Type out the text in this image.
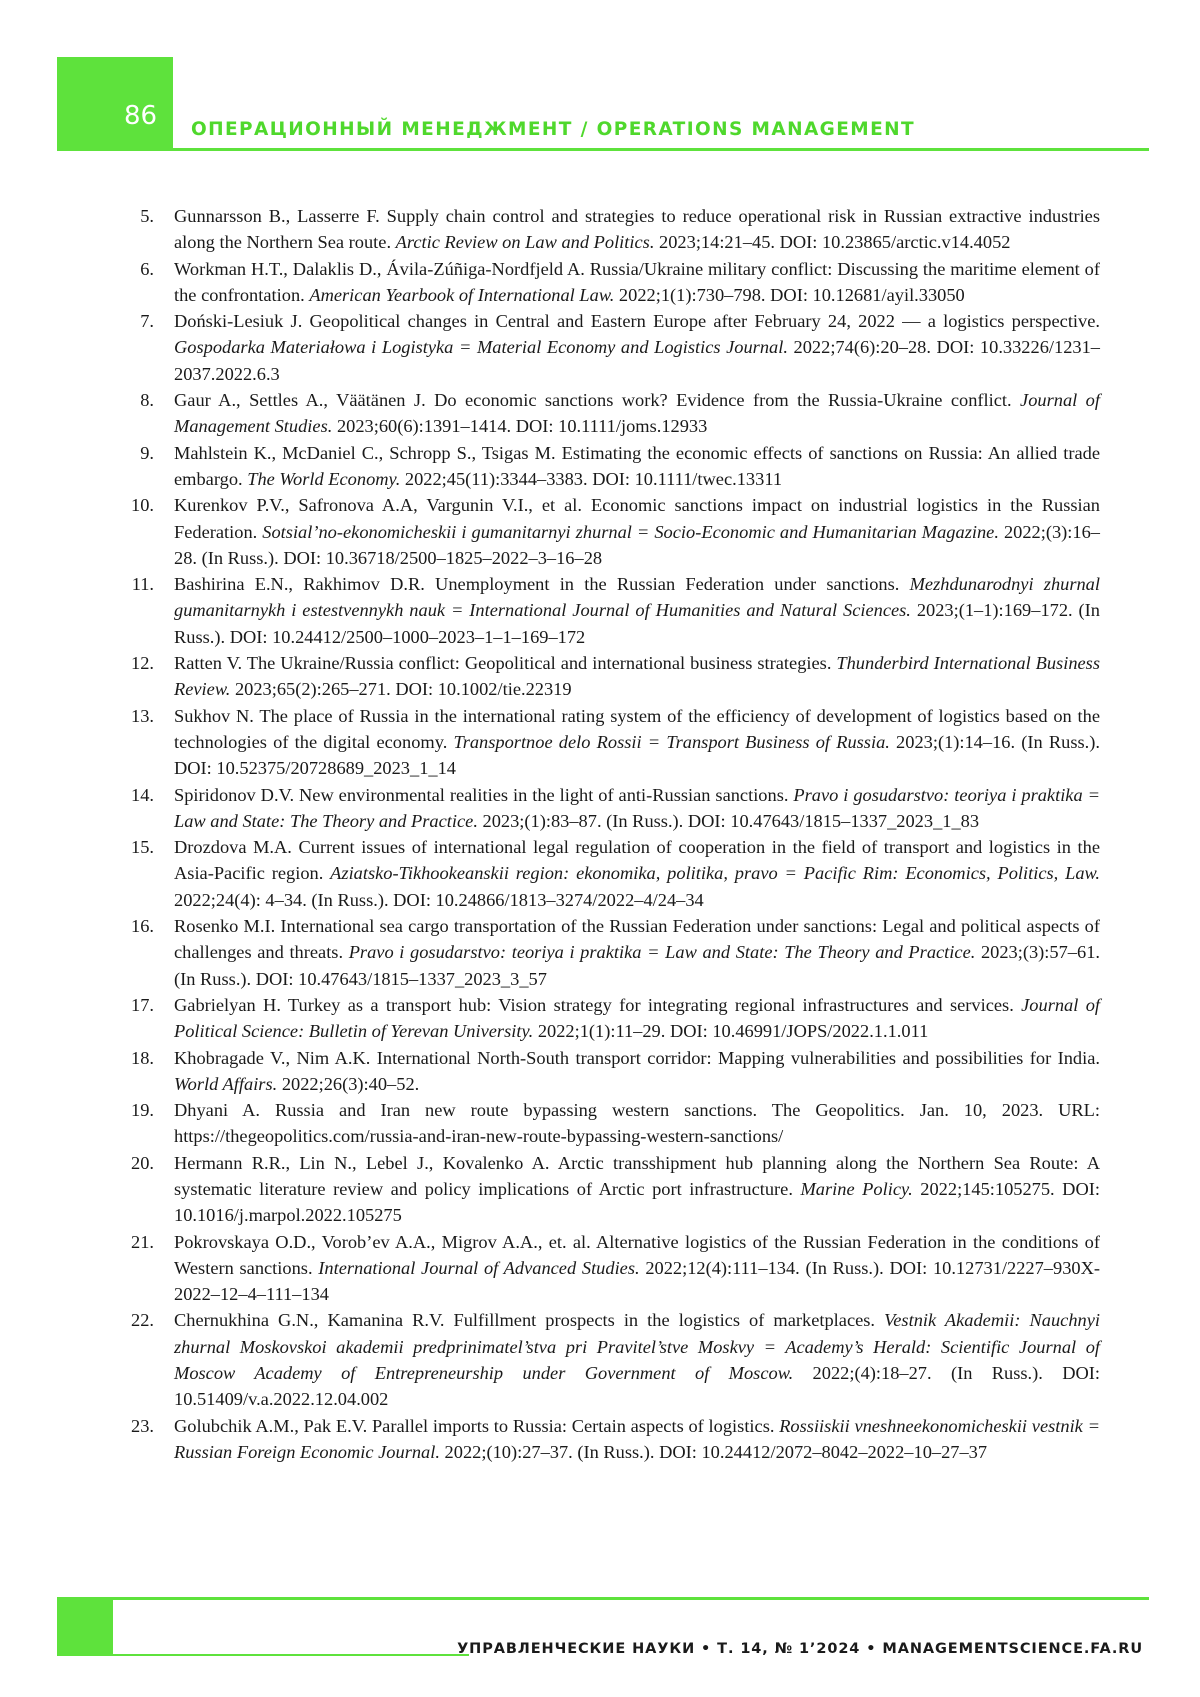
86 ОПЕРАЦИОННЫЙ МЕНЕДЖМЕНТ / OPERATIONS MANAGEMENT
5. Gunnarsson B., Lasserre F. Supply chain control and strategies to reduce operational risk in Russian extractive industries along the Northern Sea route. Arctic Review on Law and Politics. 2023;14:21–45. DOI: 10.23865/arctic.v14.4052
6. Workman H.T., Dalaklis D., Ávila-Zúñiga-Nordfjeld A. Russia/Ukraine military conflict: Discussing the maritime element of the confrontation. American Yearbook of International Law. 2022;1(1):730–798. DOI: 10.12681/ayil.33050
7. Dońskі-Lesiuk J. Geopolitical changes in Central and Eastern Europe after February 24, 2022 — a logistics perspective. Gospodarka Materiałowa i Logistyka = Material Economy and Logistics Journal. 2022;74(6):20–28. DOI: 10.33226/1231–2037.2022.6.3
8. Gaur A., Settles A., Väätänen J. Do economic sanctions work? Evidence from the Russia-Ukraine conflict. Journal of Management Studies. 2023;60(6):1391–1414. DOI: 10.1111/joms.12933
9. Mahlstein K., McDaniel C., Schropp S., Tsigas M. Estimating the economic effects of sanctions on Russia: An allied trade embargo. The World Economy. 2022;45(11):3344–3383. DOI: 10.1111/twec.13311
10. Kurenkov P.V., Safronova A.A, Vargunin V.I., et al. Economic sanctions impact on industrial logistics in the Russian Federation. Sotsial’no-ekonomicheskii i gumanitarnyi zhurnal = Socio-Economic and Humanitarian Magazine. 2022;(3):16–28. (In Russ.). DOI: 10.36718/2500–1825–2022–3–16–28
11. Bashirina E.N., Rakhimov D.R. Unemployment in the Russian Federation under sanctions. Mezhdunarodnyi zhurnal gumanitarnykh i estestvennykh nauk = International Journal of Humanities and Natural Sciences. 2023;(1–1):169–172. (In Russ.). DOI: 10.24412/2500–1000–2023–1–1–169–172
12. Ratten V. The Ukraine/Russia conflict: Geopolitical and international business strategies. Thunderbird International Business Review. 2023;65(2):265–271. DOI: 10.1002/tie.22319
13. Sukhov N. The place of Russia in the international rating system of the efficiency of development of logistics based on the technologies of the digital economy. Transportnoe delo Rossii = Transport Business of Russia. 2023;(1):14–16. (In Russ.). DOI: 10.52375/20728689_2023_1_14
14. Spiridonov D.V. New environmental realities in the light of anti-Russian sanctions. Pravo i gosudarstvo: teoriya i praktika = Law and State: The Theory and Practice. 2023;(1):83–87. (In Russ.). DOI: 10.47643/1815–1337_2023_1_83
15. Drozdova M.A. Current issues of international legal regulation of cooperation in the field of transport and logistics in the Asia-Pacific region. Aziatsko-Tikhookeanskii region: ekonomika, politika, pravo = Pacific Rim: Economics, Politics, Law. 2022;24(4): 4–34. (In Russ.). DOI: 10.24866/1813–3274/2022–4/24–34
16. Rosenko M.I. International sea cargo transportation of the Russian Federation under sanctions: Legal and political aspects of challenges and threats. Pravo i gosudarstvo: teoriya i praktika = Law and State: The Theory and Practice. 2023;(3):57–61. (In Russ.). DOI: 10.47643/1815–1337_2023_3_57
17. Gabrielyan H. Turkey as a transport hub: Vision strategy for integrating regional infrastructures and services. Journal of Political Science: Bulletin of Yerevan University. 2022;1(1):11–29. DOI: 10.46991/JOPS/2022.1.1.011
18. Khobragade V., Nim A.K. International North-South transport corridor: Mapping vulnerabilities and possibilities for India. World Affairs. 2022;26(3):40–52.
19. Dhyani A. Russia and Iran new route bypassing western sanctions. The Geopolitics. Jan. 10, 2023. URL: https://thegeopolitics.com/russia-and-iran-new-route-bypassing-western-sanctions/
20. Hermann R.R., Lin N., Lebel J., Kovalenko A. Arctic transshipment hub planning along the Northern Sea Route: A systematic literature review and policy implications of Arctic port infrastructure. Marine Policy. 2022;145:105275. DOI: 10.1016/j.marpol.2022.105275
21. Pokrovskaya O.D., Vorob’ev A.A., Migrov A.A., et. al. Alternative logistics of the Russian Federation in the conditions of Western sanctions. International Journal of Advanced Studies. 2022;12(4):111–134. (In Russ.). DOI: 10.12731/2227–930X-2022–12–4–111–134
22. Chernukhina G.N., Kamanina R.V. Fulfillment prospects in the logistics of marketplaces. Vestnik Akademii: Nauchnyi zhurnal Moskovskoi akademii predprinimatel’stva pri Pravitel’stve Moskvy = Academy’s Herald: Scientific Journal of Moscow Academy of Entrepreneurship under Government of Moscow. 2022;(4):18–27. (In Russ.). DOI: 10.51409/v.a.2022.12.04.002
23. Golubchik A.M., Pak E.V. Parallel imports to Russia: Certain aspects of logistics. Rossiiskii vneshneekonomicheskii vestnik = Russian Foreign Economic Journal. 2022;(10):27–37. (In Russ.). DOI: 10.24412/2072–8042–2022–10–27–37
УПРАВЛЕНЧЕСКИЕ НАУКИ • Т. 14, № 1’2024 • MANAGEMENTSCIENCE.FA.RU
